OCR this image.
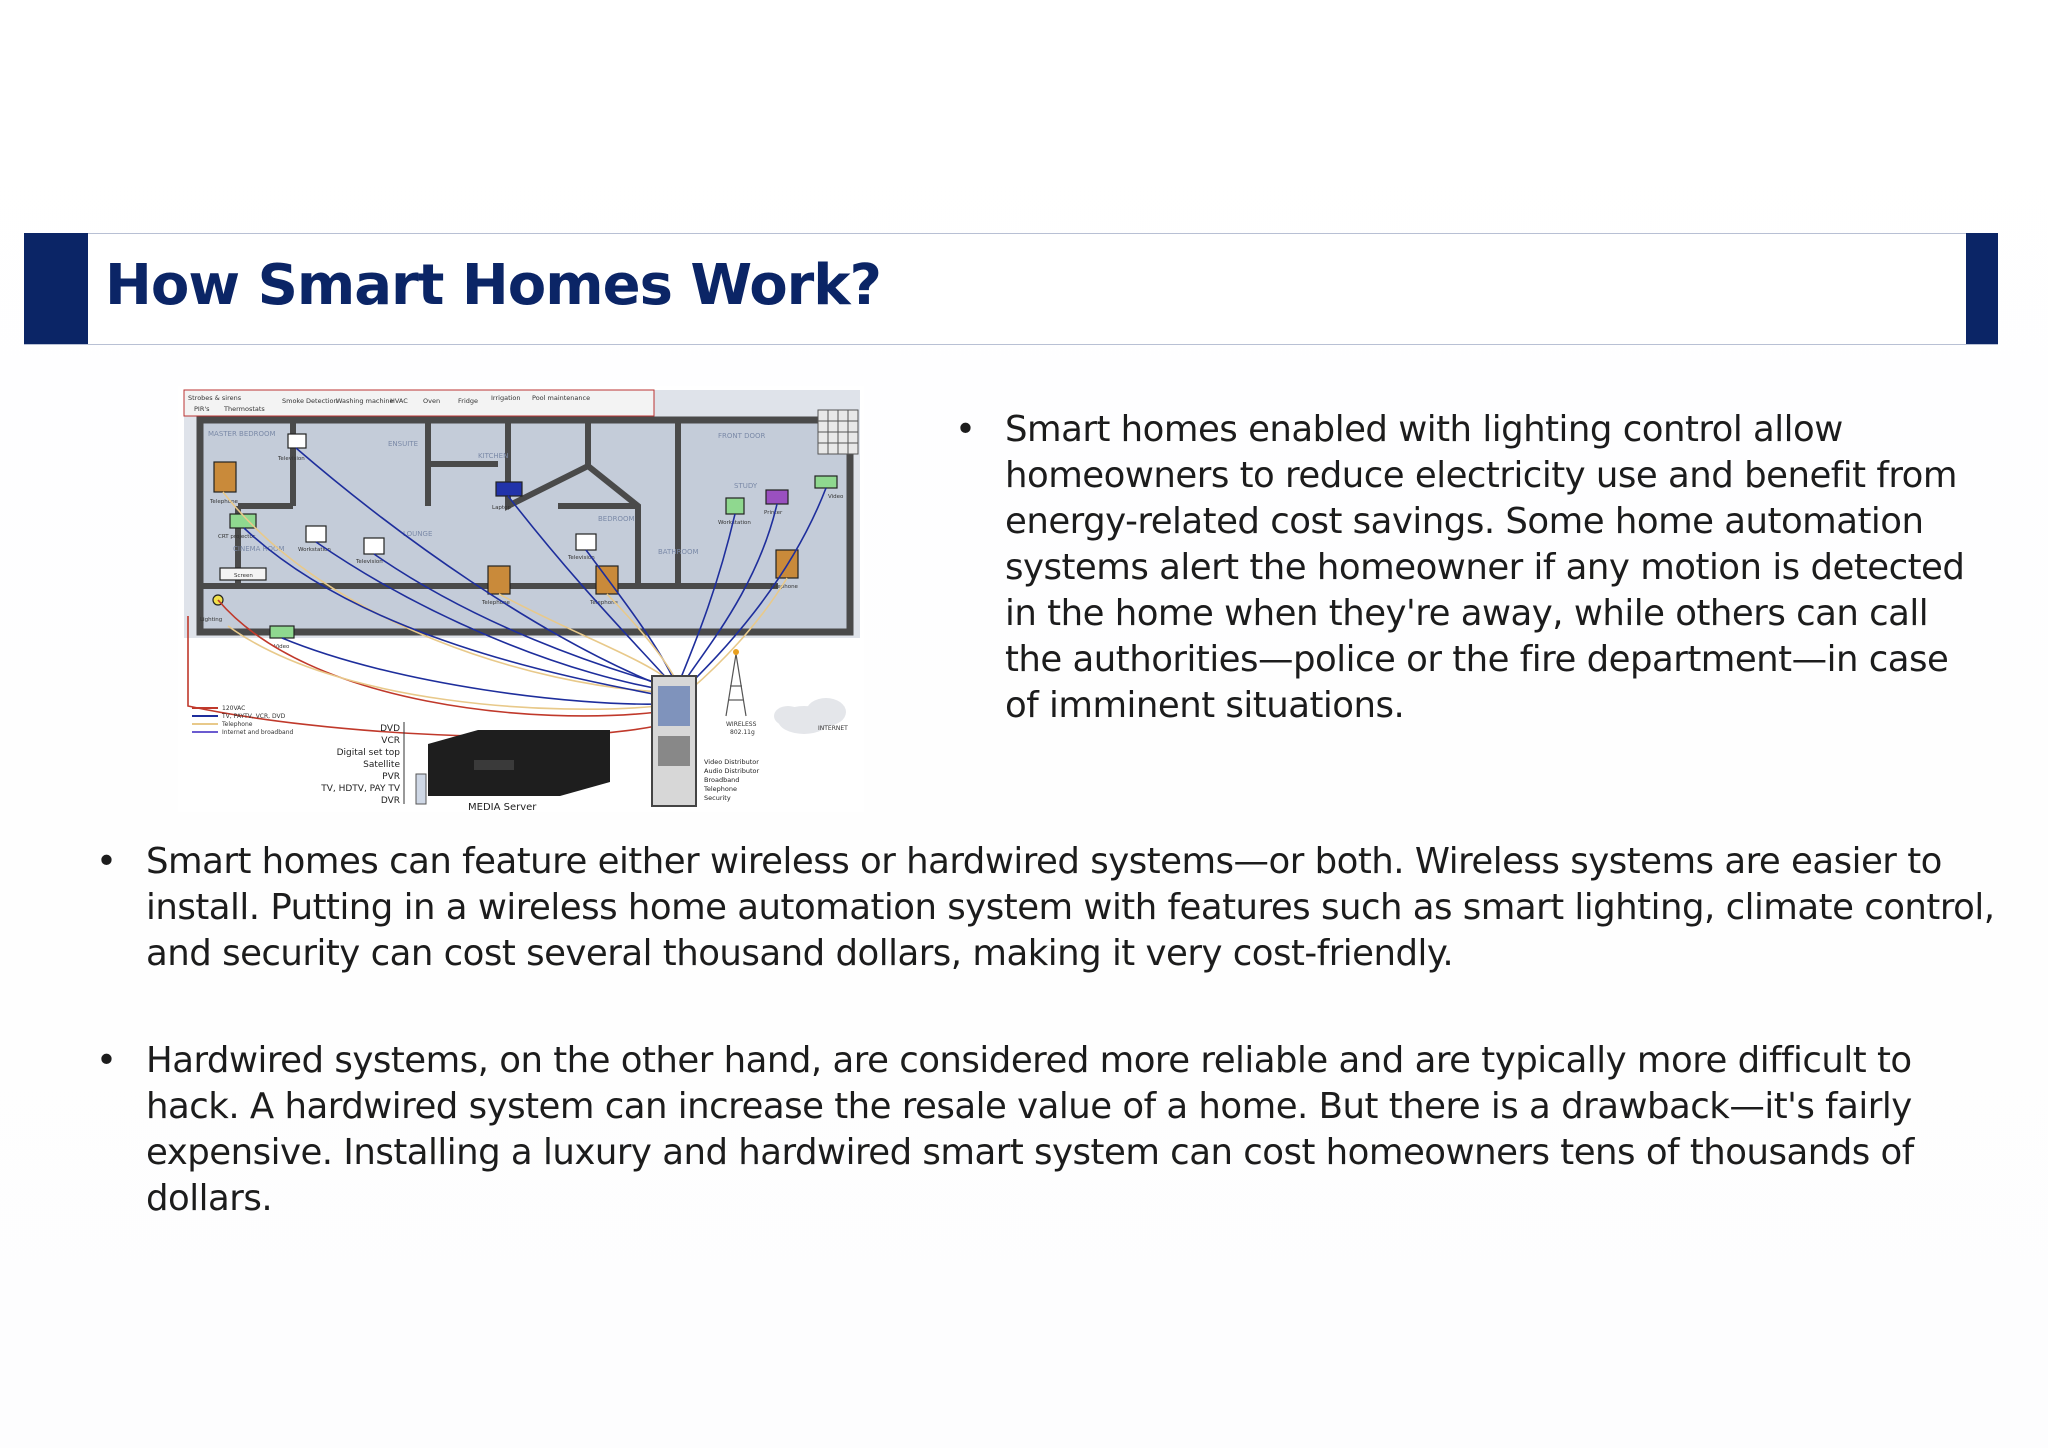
How Smart Homes Work?
Strobes & sirens
PIR's Thermostats
Smoke Detection
Washing machine
HVAC Oven	Fridge Irrigation Pool maintenance
MASTER BEDROOM
ENSUITE
KITCHEN
FRONT DOOR
LOUNGE
BEDROOM
BATHROOM
CINEMA ROOM
STUDY
Telephone
Television
Laptop
Video
Printer
CRT projector
Workstation
Television
Television
Workstation
Telephone	Telephone
Telephone
Screen
Lighting
Video
120VAC
TV, PAYTV, VCR, DVD
Telephone
Internet and broadband	DVD
VCR
Digital set top
Satellite
PVR
TV, HDTV, PAY TV
DVR
MEDIA Server
WIRELESS
802.11g
INTERNET
Video Distributor
Audio Distributor
Broadband
Telephone
Security
• Smart homes enabled with lighting control allow homeowners to reduce electricity use and benefit from energy-related cost savings. Some home automation systems alert the homeowner if any motion is detected in the home when they're away, while others can call the authorities—police or the fire department—in case of imminent situations.
• Smart homes can feature either wireless or hardwired systems—or both. Wireless systems are easier to install. Putting in a wireless home automation system with features such as smart lighting, climate control, and security can cost several thousand dollars, making it very cost-friendly.
• Hardwired systems, on the other hand, are considered more reliable and are typically more difficult to hack. A hardwired system can increase the resale value of a home. But there is a drawback—it's fairly expensive. Installing a luxury and hardwired smart system can cost homeowners tens of thousands of dollars.
